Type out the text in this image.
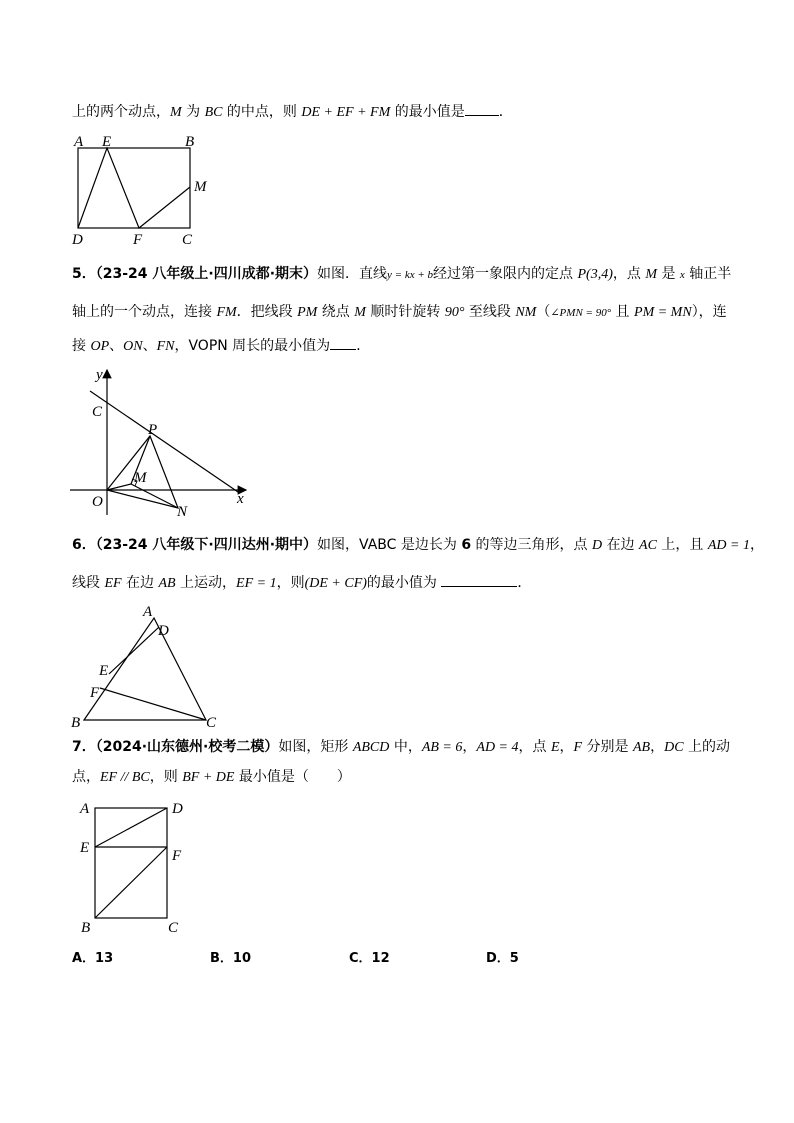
上的两个动点，M 为 BC 的中点，则 DE + EF + FM 的最小值是 ．
A E	B
M
D	F	C
5．（23-24 八年级上·四川成都·期末）如图．直线y = kx + b经过第一象限内的定点 P(3,4)，点 M 是 x 轴正半
轴上的一个动点，连接 FM．把线段 PM 绕点 M 顺时针旋转 90° 至线段 NM（∠PMN = 90° 且 PM = MN），连
接 OP、ON、FN，VOPN 周长的最小值为 ．
y
C
P
M
O
N
x
6．（23-24 八年级下·四川达州·期中）如图，VABC 是边长为 6 的等边三角形，点 D 在边 AC 上，且 AD = 1，
线段 EF 在边 AB 上运动，EF = 1，则(DE + CF)的最小值为	．
A
D
E
F
B	C
7．（2024·山东德州·校考二模）如图，矩形 ABCD 中，AB = 6，AD = 4，点 E，F 分别是 AB，DC 上的动
点，EF // BC，则 BF + DE 最小值是（　　）
A	D
E	F
B	C
A．13	B．10	C．12	D．5
